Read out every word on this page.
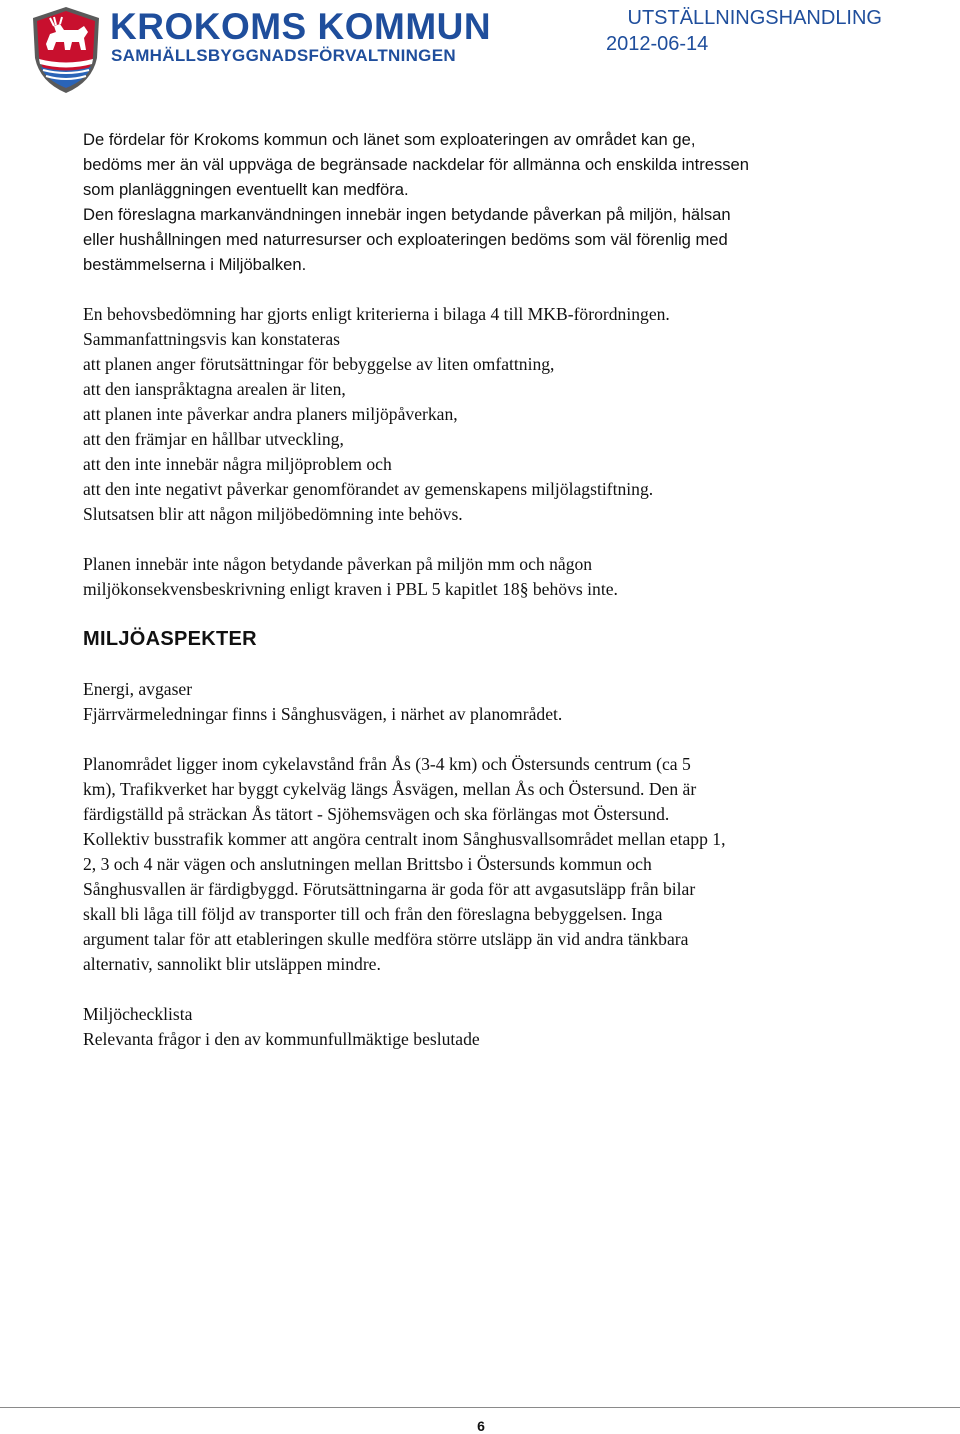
KROKOMS KOMMUN
SAMHÄLLSBYGGNADSFÖRVALTNINGEN
UTSTÄLLNINGSHANDLING
2012-06-14
De fördelar för Krokoms kommun och länet som exploateringen av området kan ge,
bedöms mer än väl uppväga de begränsade nackdelar för allmänna och enskilda intressen
som planläggningen eventuellt kan medföra.
Den föreslagna markanvändningen innebär ingen betydande påverkan på miljön, hälsan
eller hushållningen med naturresurser och exploateringen bedöms som väl förenlig med
bestämmelserna i Miljöbalken.
En behovsbedömning har gjorts enligt kriterierna i bilaga 4 till MKB-förordningen.
Sammanfattningsvis kan konstateras
att planen anger förutsättningar för bebyggelse av liten omfattning,
att den ianspråktagna arealen är liten,
att planen inte påverkar andra planers miljöpåverkan,
att den främjar en hållbar utveckling,
att den inte innebär några miljöproblem och
att den inte negativt påverkar genomförandet av gemenskapens miljölagstiftning.
Slutsatsen blir att någon miljöbedömning inte behövs.
Planen innebär inte någon betydande påverkan på miljön mm och någon
miljökonsekvensbeskrivning enligt kraven i PBL 5 kapitlet 18§ behövs inte.
MILJÖASPEKTER
Energi, avgaser
Fjärrvärmeledningar finns i Sånghusvägen, i närhet av planområdet.
Planområdet ligger inom cykelavstånd från Ås (3-4 km) och Östersunds centrum (ca 5
km), Trafikverket har byggt cykelväg längs Åsvägen, mellan Ås och Östersund. Den är
färdigställd på sträckan Ås tätort - Sjöhemsvägen och ska förlängas mot Östersund.
Kollektiv busstrafik kommer att angöra centralt inom Sånghusvallsområdet mellan etapp 1,
2, 3 och 4 när vägen och anslutningen mellan Brittsbo i Östersunds kommun och
Sånghusvallen är färdigbyggd. Förutsättningarna är goda för att avgasutsläpp från bilar
skall bli låga till följd av transporter till och från den föreslagna bebyggelsen. Inga
argument talar för att etableringen skulle medföra större utsläpp än vid andra tänkbara
alternativ, sannolikt blir utsläppen mindre.
Miljöchecklista
Relevanta frågor i den av kommunfullmäktige beslutade
6
